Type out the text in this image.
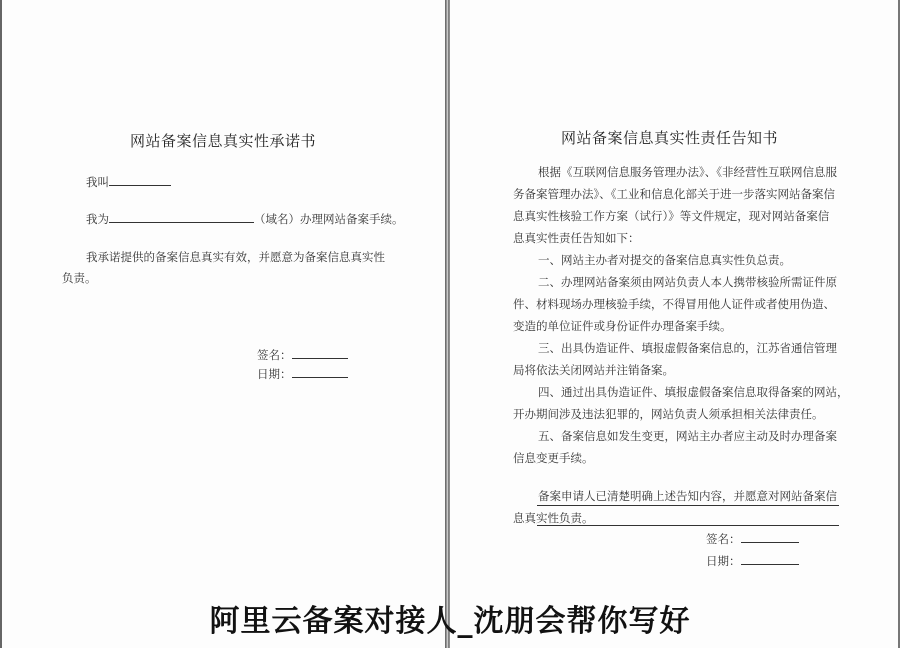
网站备案信息真实性承诺书
我叫
我为	（域名）办理网站备案手续。
我承诺提供的备案信息真实有效，并愿意为备案信息真实性
负责。
签名：
日期：
网站备案信息真实性责任告知书
根据《互联网信息服务管理办法》、《非经营性互联网信息服
务备案管理办法》、《工业和信息化部关于进一步落实网站备案信
息真实性核验工作方案（试行）》等文件规定，现对网站备案信
息真实性责任告知如下：
一、网站主办者对提交的备案信息真实性负总责。
二、办理网站备案须由网站负责人本人携带核验所需证件原
件、材料现场办理核验手续，不得冒用他人证件或者使用伪造、
变造的单位证件或身份证件办理备案手续。
三、出具伪造证件、填报虚假备案信息的，江苏省通信管理
局将依法关闭网站并注销备案。
四、通过出具伪造证件、填报虚假备案信息取得备案的网站，
开办期间涉及违法犯罪的，网站负责人须承担相关法律责任。
五、备案信息如发生变更，网站主办者应主动及时办理备案
信息变更手续。
备案申请人已清楚明确上述告知内容，并愿意对网站备案信
息真实性负责。
签名：
日期：
阿里云备案对接人_沈朋会帮你写好
